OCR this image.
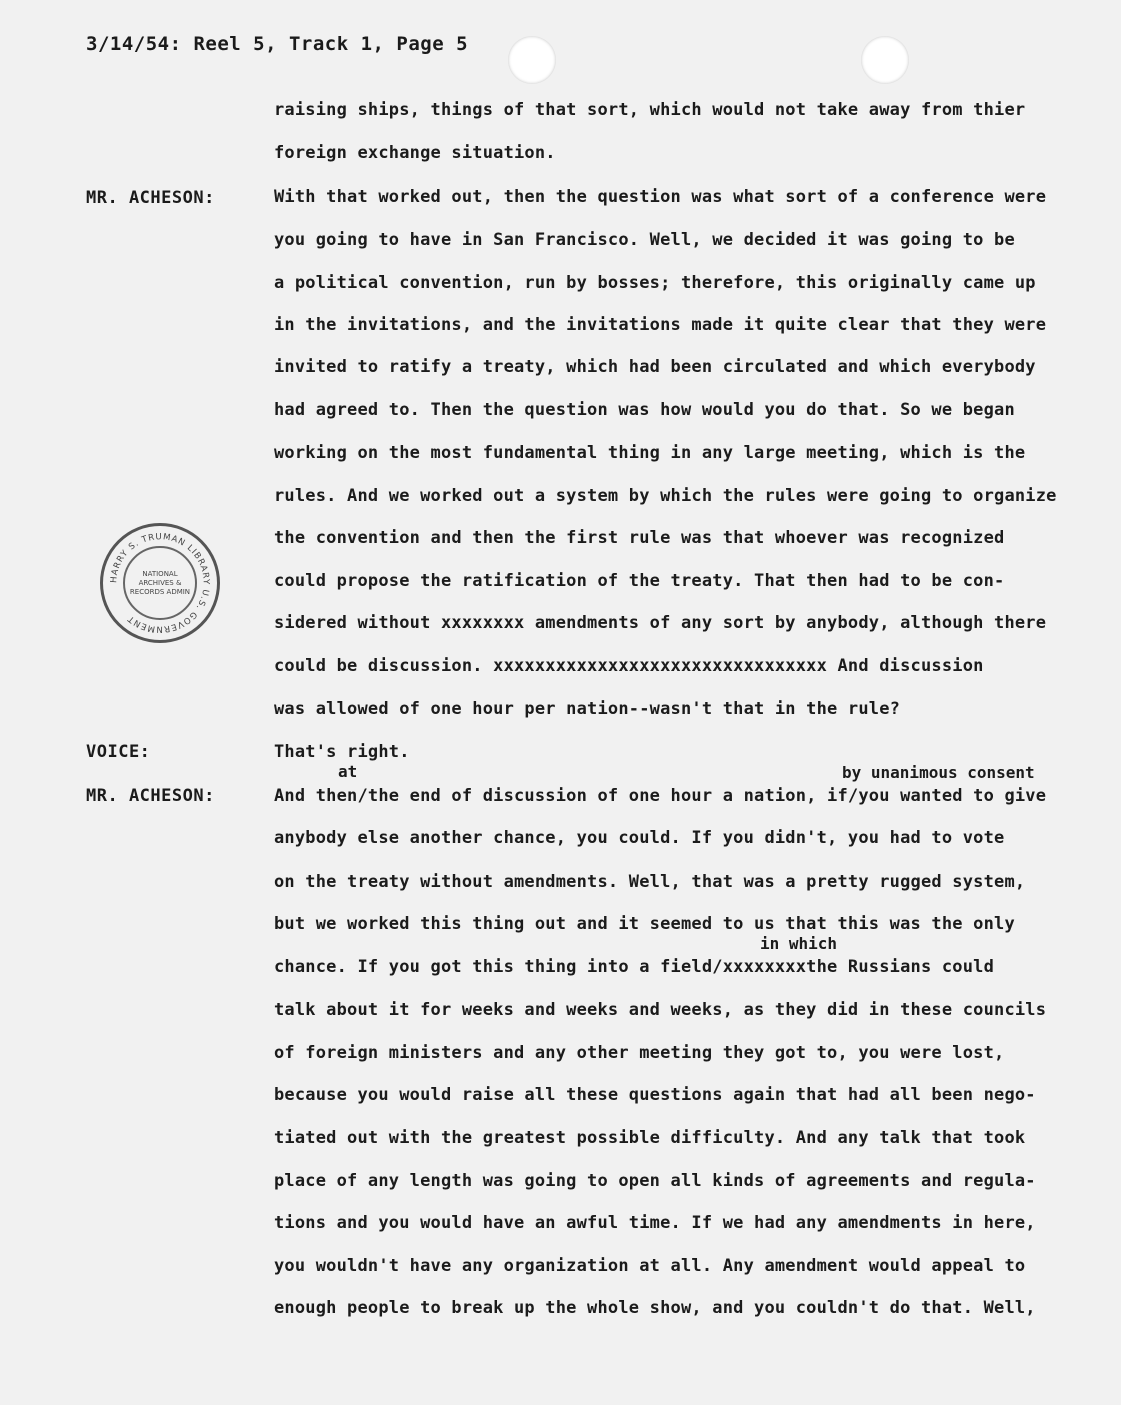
3/14/54: Reel 5, Track 1, Page 5
HARRY S. TRUMAN LIBRARY U.S. GOVERNMENT
NATIONAL ARCHIVES & RECORDS ADMIN
MR. ACHESON:
VOICE:
MR. ACHESON:
at	by unanimous consent
in which
raising ships, things of that sort, which would not take away from thier
foreign exchange situation.
With that worked out, then the question was what sort of a conference were
you going to have in San Francisco. Well, we decided it was going to be
a political convention, run by bosses; therefore, this originally came up
in the invitations, and the invitations made it quite clear that they were
invited to ratify a treaty, which had been circulated and which everybody
had agreed to. Then the question was how would you do that. So we began
working on the most fundamental thing in any large meeting, which is the
rules. And we worked out a system by which the rules were going to organize
the convention and then the first rule was that whoever was recognized
could propose the ratification of the treaty. That then had to be con-
sidered without xxxxxxxx amendments of any sort by anybody, although there
could be discussion. xxxxxxxxxxxxxxxxxxxxxxxxxxxxxxxx And discussion
was allowed of one hour per nation--wasn't that in the rule?
That's right.
And then/the end of discussion of one hour a nation, if/you wanted to give
anybody else another chance, you could. If you didn't, you had to vote
on the treaty without amendments. Well, that was a pretty rugged system,
but we worked this thing out and it seemed to us that this was the only
chance. If you got this thing into a field/xxxxxxxxthe Russians could
talk about it for weeks and weeks and weeks, as they did in these councils
of foreign ministers and any other meeting they got to, you were lost,
because you would raise all these questions again that had all been nego-
tiated out with the greatest possible difficulty. And any talk that took
place of any length was going to open all kinds of agreements and regula-
tions and you would have an awful time. If we had any amendments in here,
you wouldn't have any organization at all. Any amendment would appeal to
enough people to break up the whole show, and you couldn't do that. Well,
